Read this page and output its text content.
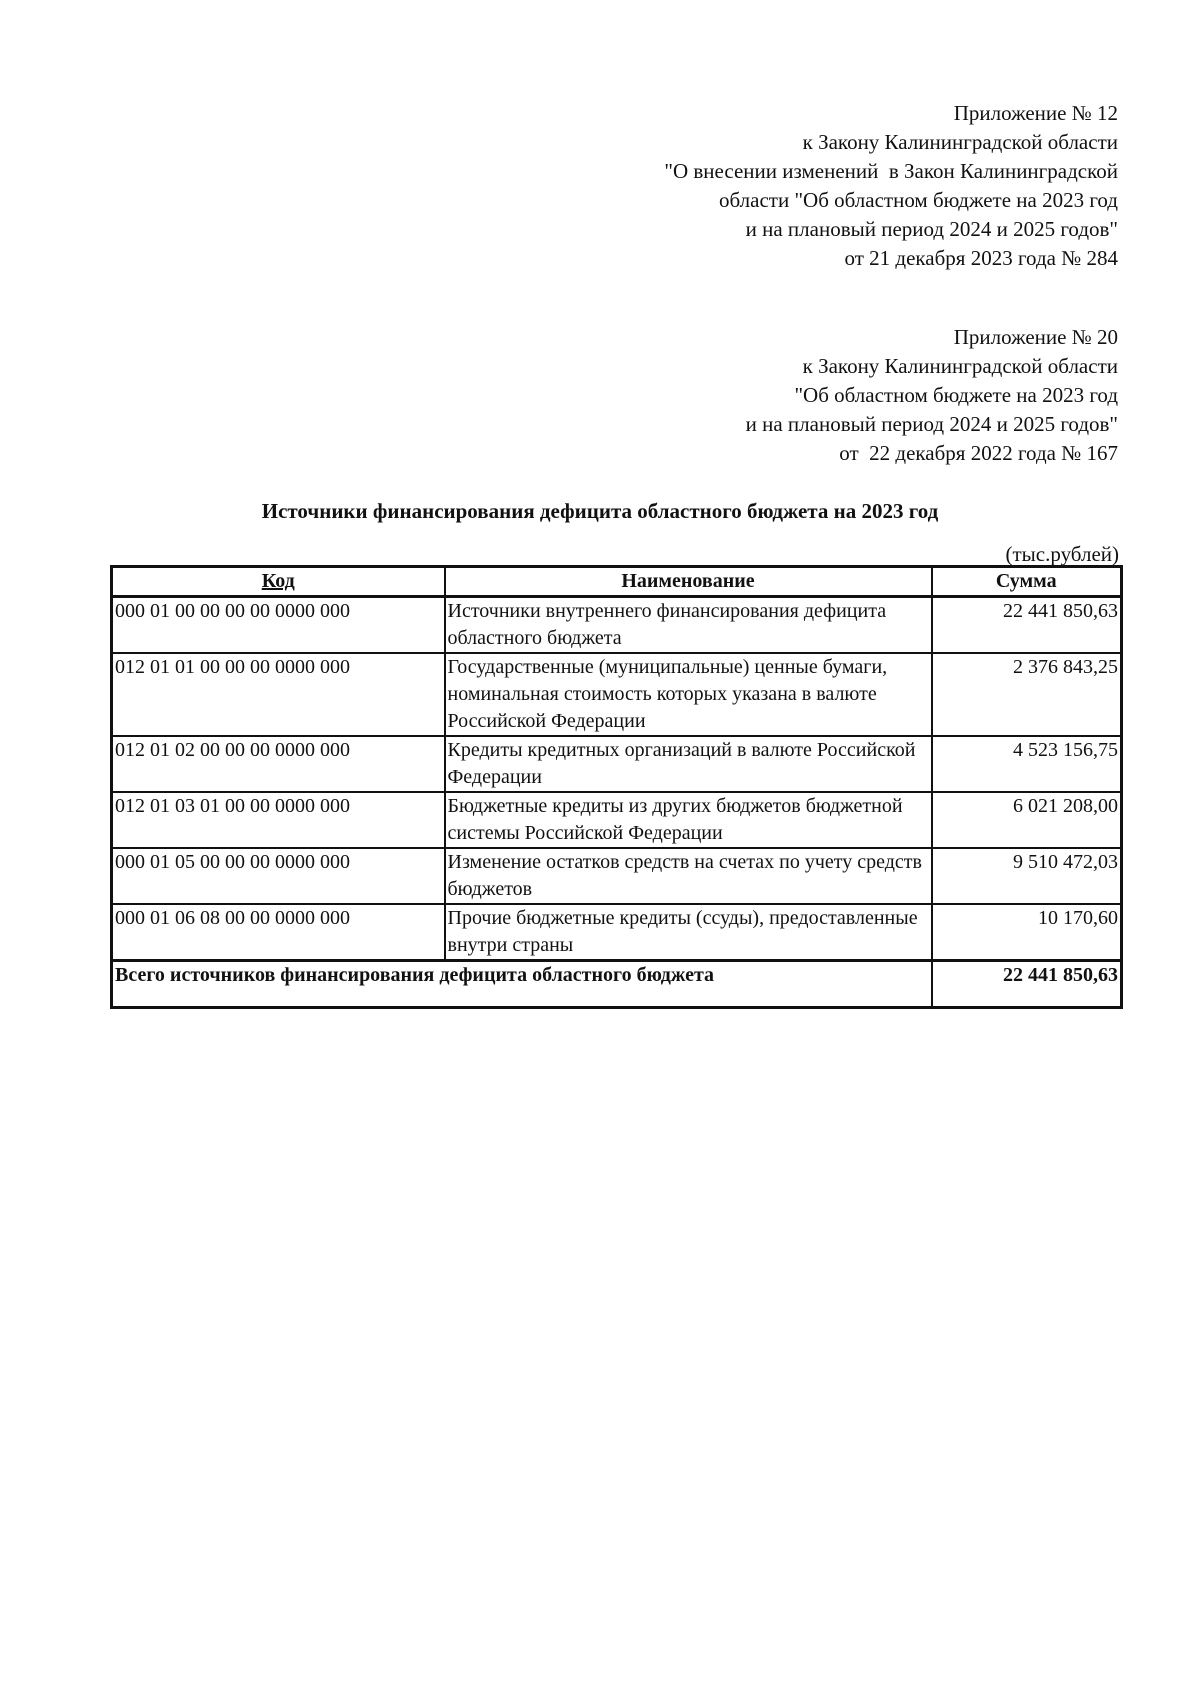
Приложение № 12
к Закону Калининградской области
"О внесении изменений  в Закон Калининградской
области "Об областном бюджете на 2023 год
и на плановый период 2024 и 2025 годов"
от 21 декабря 2023 года № 284
Приложение № 20
к Закону Калининградской области
"Об областном бюджете на 2023 год
и на плановый период 2024 и 2025 годов"
от  22 декабря 2022 года № 167
Источники финансирования дефицита областного бюджета на 2023 год
(тыс.рублей)
Код	Наименование	Сумма
000 01 00 00 00 00 0000 000	Источники внутреннего финансирования дефицита областного бюджета	22 441 850,63
012 01 01 00 00 00 0000 000	Государственные (муниципальные) ценные бумаги, номинальная стоимость которых указана в валюте Российской Федерации	2 376 843,25
012 01 02 00 00 00 0000 000	Кредиты кредитных организаций в валюте Российской Федерации	4 523 156,75
012 01 03 01 00 00 0000 000	Бюджетные кредиты из других бюджетов бюджетной системы Российской Федерации	6 021 208,00
000 01 05 00 00 00 0000 000	Изменение остатков средств на счетах по учету средств бюджетов	9 510 472,03
000 01 06 08 00 00 0000 000	Прочие бюджетные кредиты (ссуды), предоставленные внутри страны	10 170,60
Всего источников финансирования дефицита областного бюджета		22 441 850,63
